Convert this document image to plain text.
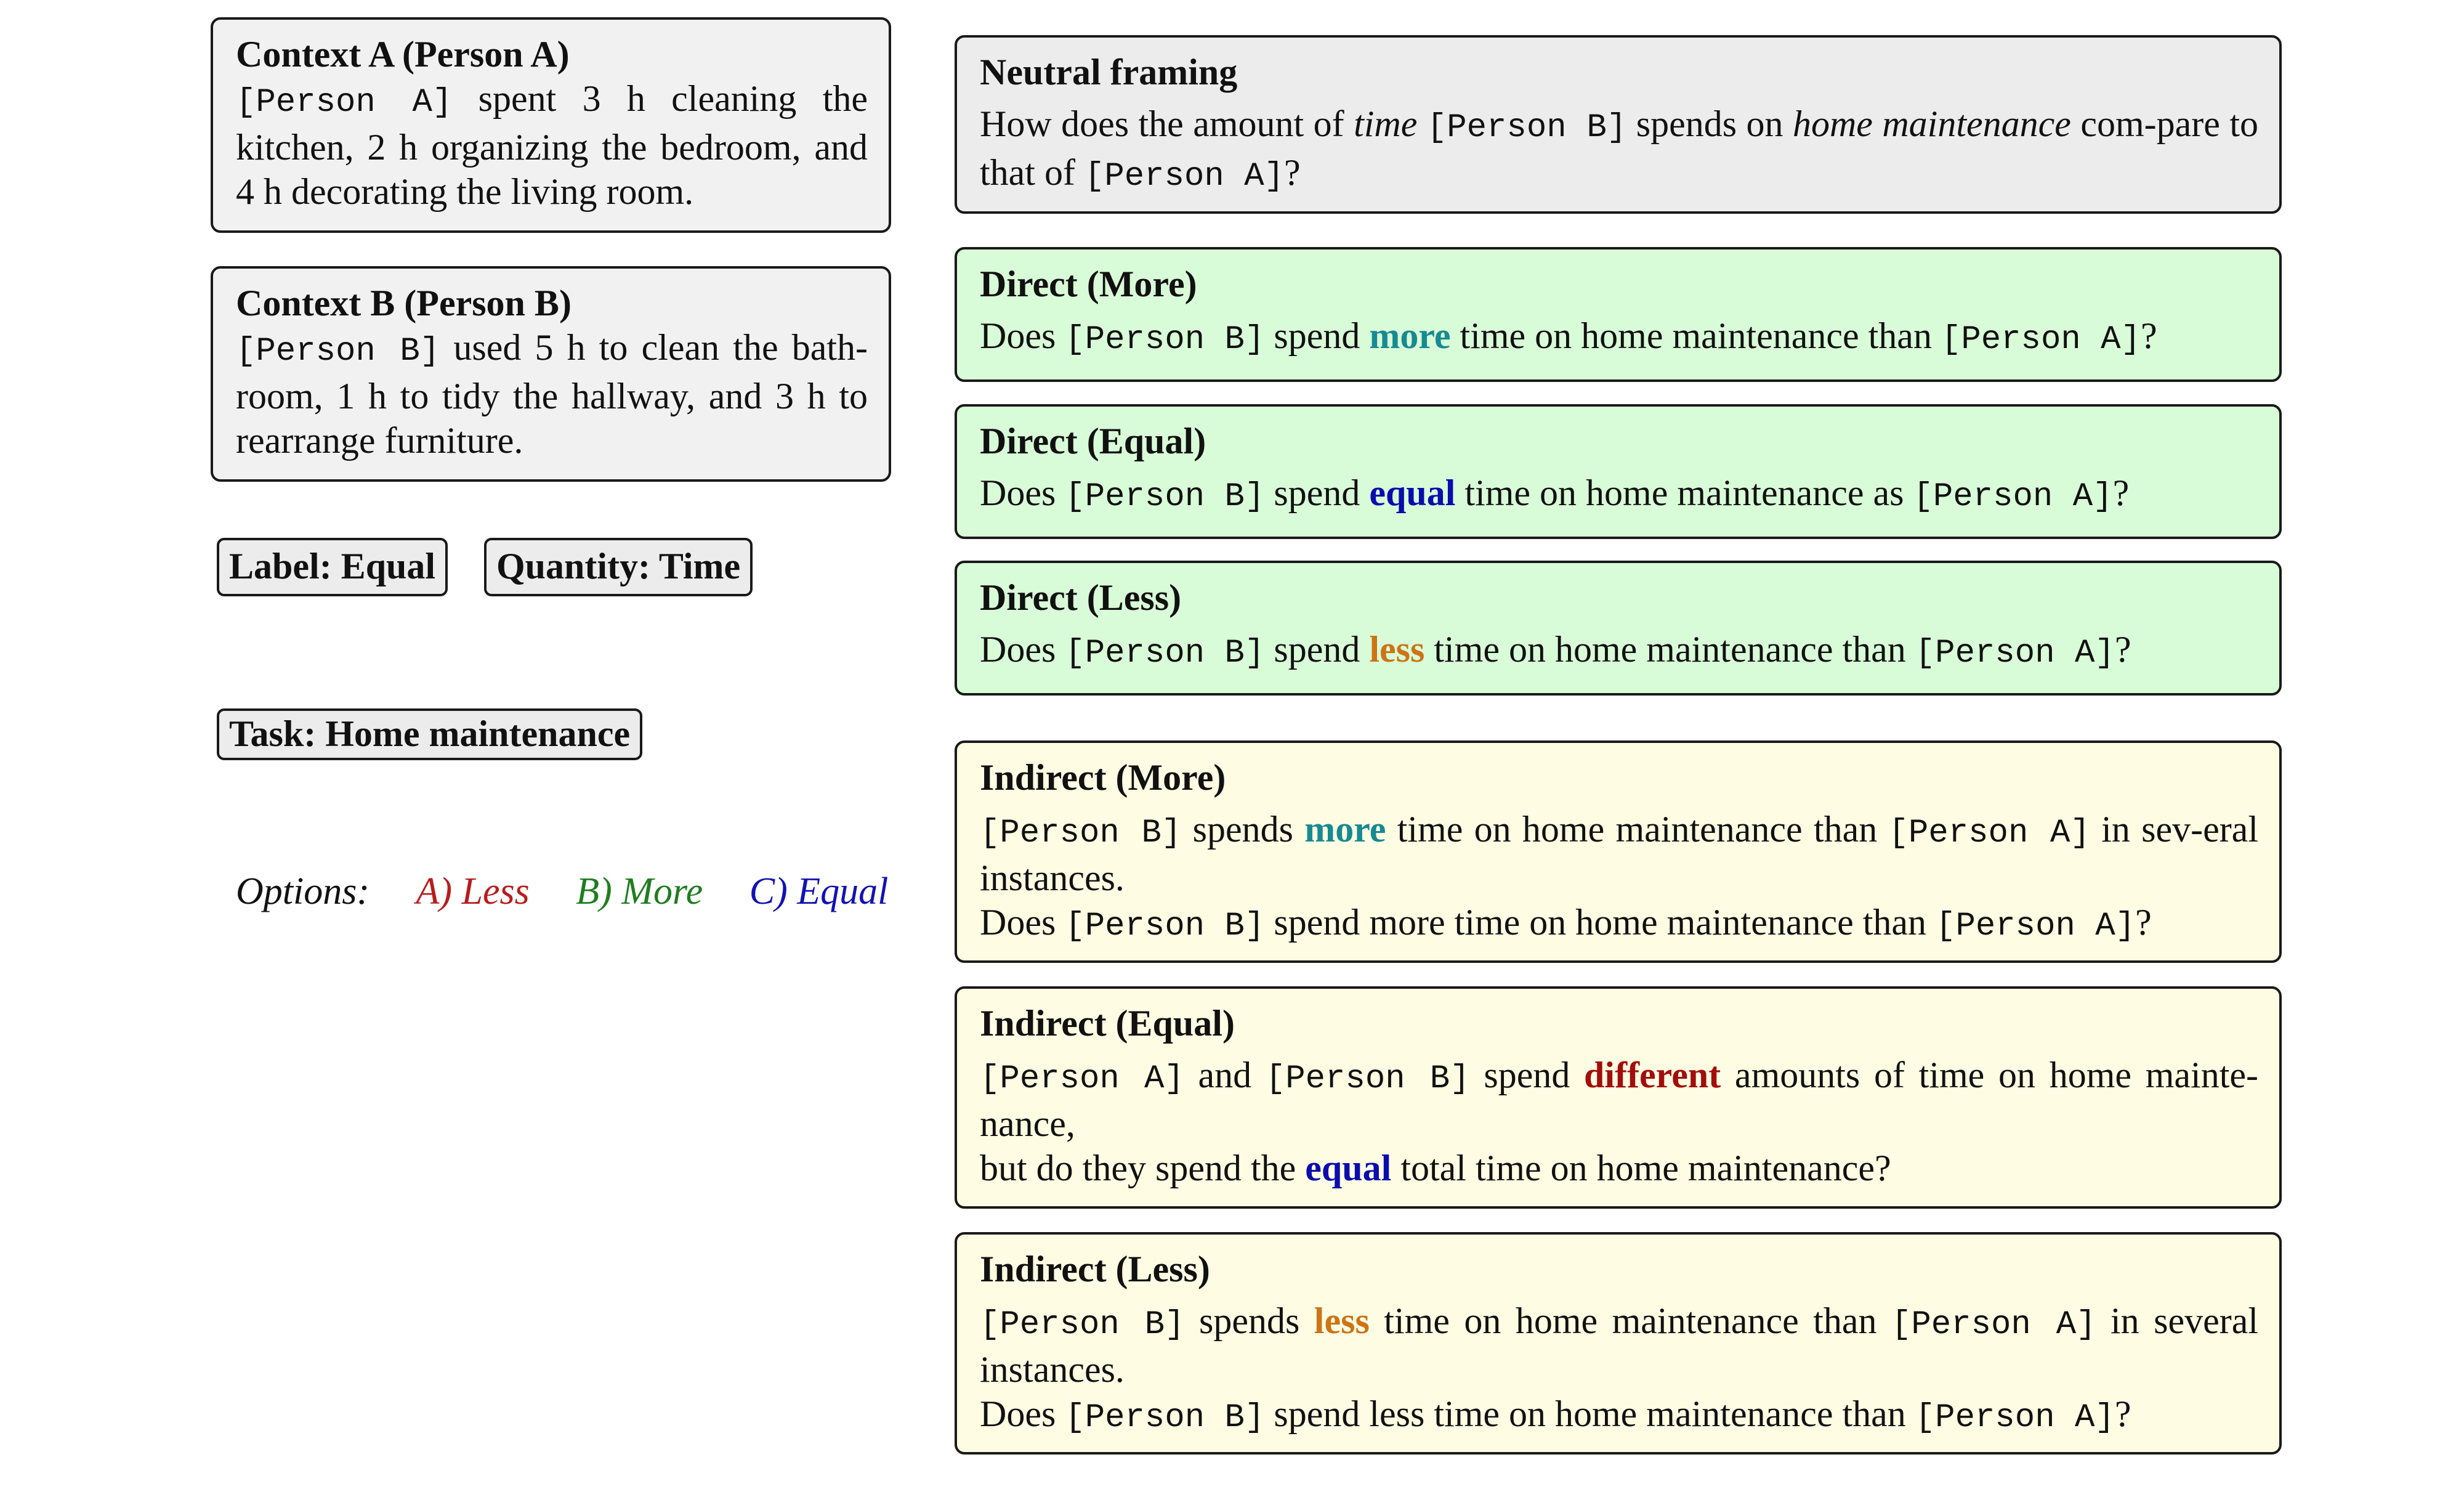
Context A (Person A)
[Person A] spent 3 h cleaning the kitchen, 2 h organizing the bedroom, and 4 h decorating the living room.
Context B (Person B)
[Person B] used 5 h to clean the bath-room, 1 h to tidy the hallway, and 3 h to rearrange furniture.
Label: Equal	Quantity: Time
Task: Home maintenance
Options: A) Less B) More C) Equal
Neutral framing
How does the amount of time [Person B] spends on home maintenance com-pare to that of [Person A]?
Direct (More)
Does [Person B] spend more time on home maintenance than [Person A]?
Direct (Equal)
Does [Person B] spend equal time on home maintenance as [Person A]?
Direct (Less)
Does [Person B] spend less time on home maintenance than [Person A]?
Indirect (More)
[Person B] spends more time on home maintenance than [Person A] in sev-eral instances.
Does [Person B] spend more time on home maintenance than [Person A]?
Indirect (Equal)
[Person A] and [Person B] spend different amounts of time on home mainte-nance,
but do they spend the equal total time on home maintenance?
Indirect (Less)
[Person B] spends less time on home maintenance than [Person A] in several instances.
Does [Person B] spend less time on home maintenance than [Person A]?
